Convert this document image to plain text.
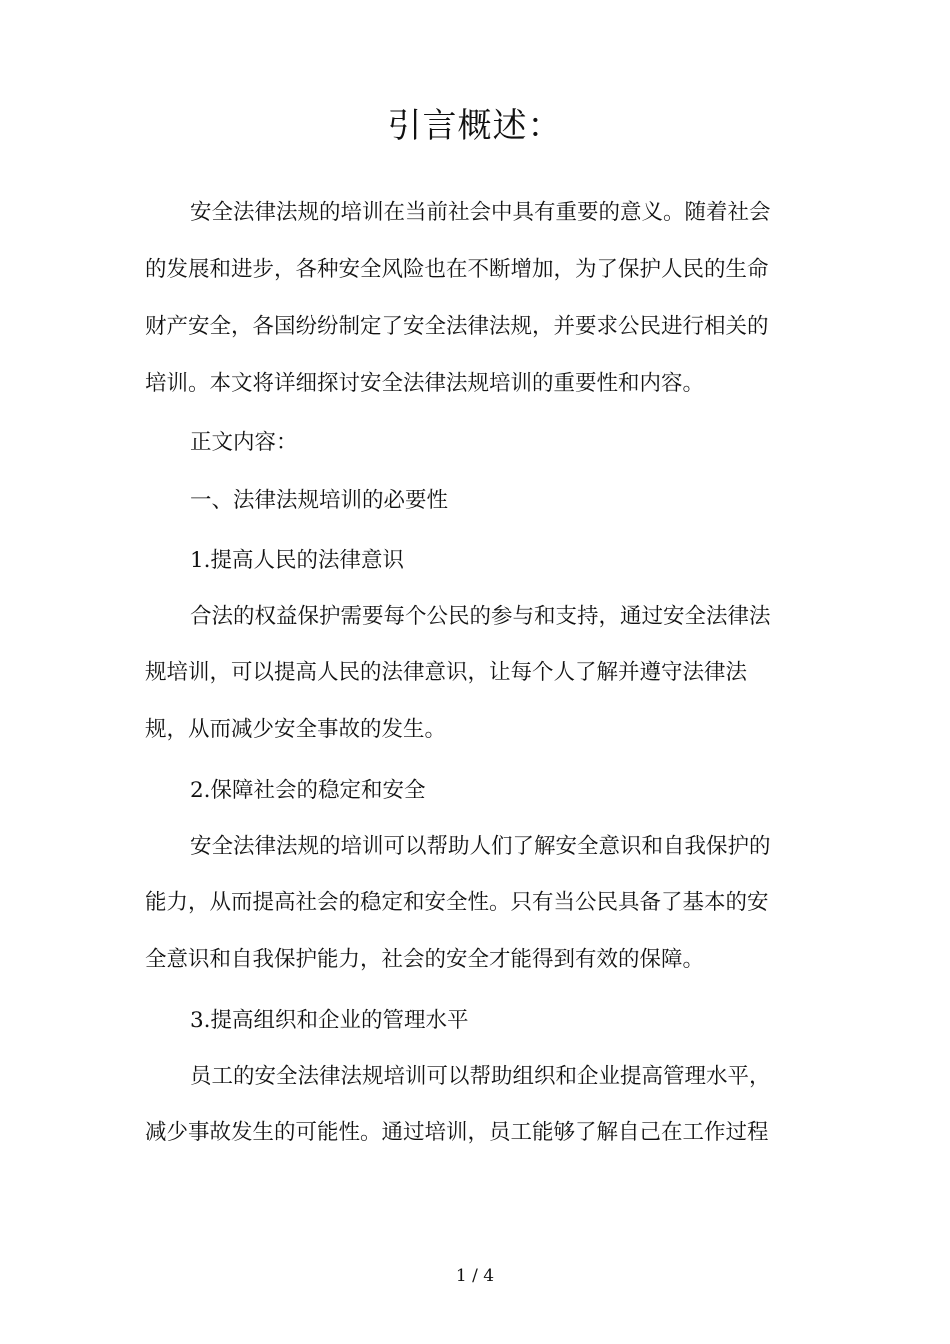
引言概述：
安全法律法规的培训在当前社会中具有重要的意义。随着社会
的发展和进步，各种安全风险也在不断增加，为了保护人民的生命
财产安全，各国纷纷制定了安全法律法规，并要求公民进行相关的
培训。本文将详细探讨安全法律法规培训的重要性和内容。
正文内容：
一、法律法规培训的必要性
1.提高人民的法律意识
合法的权益保护需要每个公民的参与和支持，通过安全法律法
规培训，可以提高人民的法律意识，让每个人了解并遵守法律法
规，从而减少安全事故的发生。
2.保障社会的稳定和安全
安全法律法规的培训可以帮助人们了解安全意识和自我保护的
能力，从而提高社会的稳定和安全性。只有当公民具备了基本的安
全意识和自我保护能力，社会的安全才能得到有效的保障。
3.提高组织和企业的管理水平
员工的安全法律法规培训可以帮助组织和企业提高管理水平，
减少事故发生的可能性。通过培训，员工能够了解自己在工作过程
1 / 4
